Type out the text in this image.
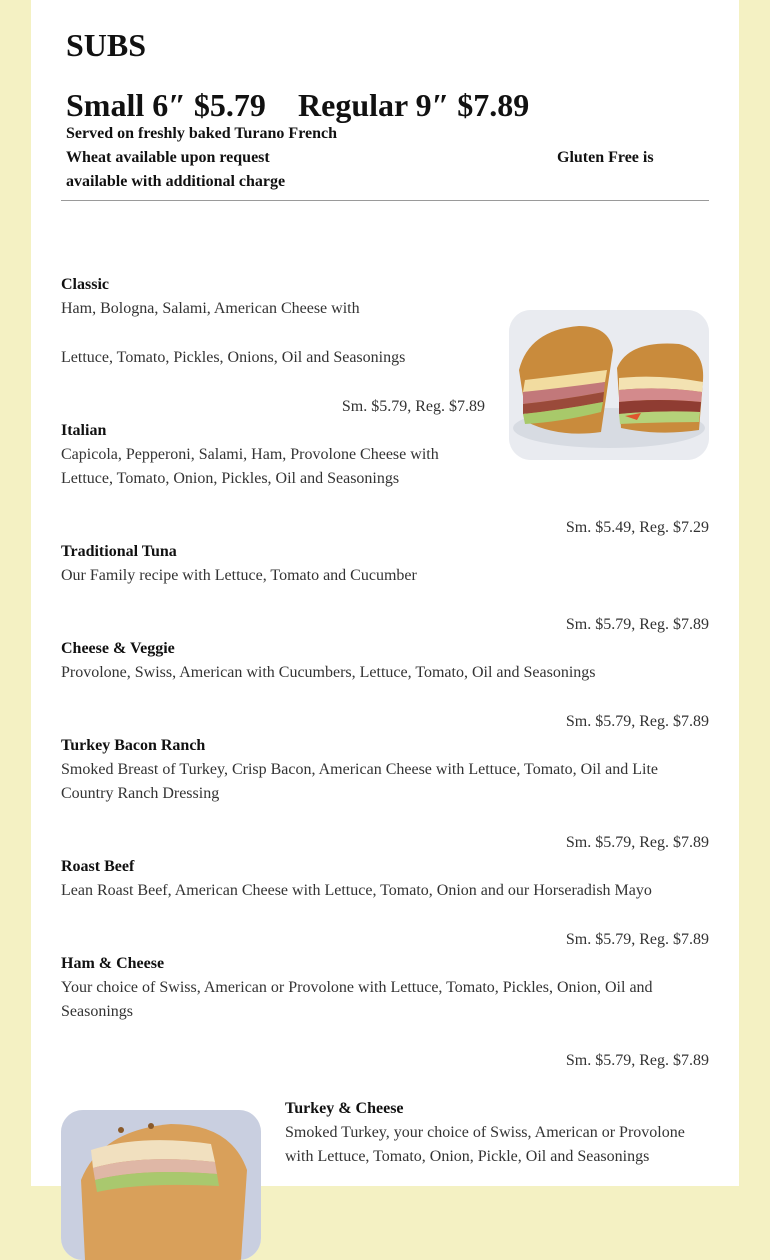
SUBS
Small 6″ $5.79 Regular 9″ $7.89
Served on freshly baked Turano French
Wheat available upon request	Gluten Free is
available with additional charge
Classic
Ham, Bologna, Salami, American Cheese with
Lettuce, Tomato, Pickles, Onions, Oil and Seasonings
Sm. $5.79, Reg. $7.89
Italian
Capicola, Pepperoni, Salami, Ham, Provolone Cheese with
Lettuce, Tomato, Onion, Pickles, Oil and Seasonings
Sm. $5.49, Reg. $7.29
Traditional Tuna
Our Family recipe with Lettuce, Tomato and Cucumber
Sm. $5.79, Reg. $7.89
Cheese & Veggie
Provolone, Swiss, American with Cucumbers, Lettuce, Tomato, Oil and Seasonings
Sm. $5.79, Reg. $7.89
Turkey Bacon Ranch
Smoked Breast of Turkey, Crisp Bacon, American Cheese with Lettuce, Tomato, Oil and Lite Country Ranch Dressing
Sm. $5.79, Reg. $7.89
Roast Beef
Lean Roast Beef, American Cheese with Lettuce, Tomato, Onion and our Horseradish Mayo
Sm. $5.79, Reg. $7.89
Ham & Cheese
Your choice of Swiss, American or Provolone with Lettuce, Tomato, Pickles, Onion, Oil and Seasonings
Sm. $5.79, Reg. $7.89
Turkey & Cheese
Smoked Turkey, your choice of Swiss, American or Provolone with Lettuce, Tomato, Onion, Pickle, Oil and Seasonings
